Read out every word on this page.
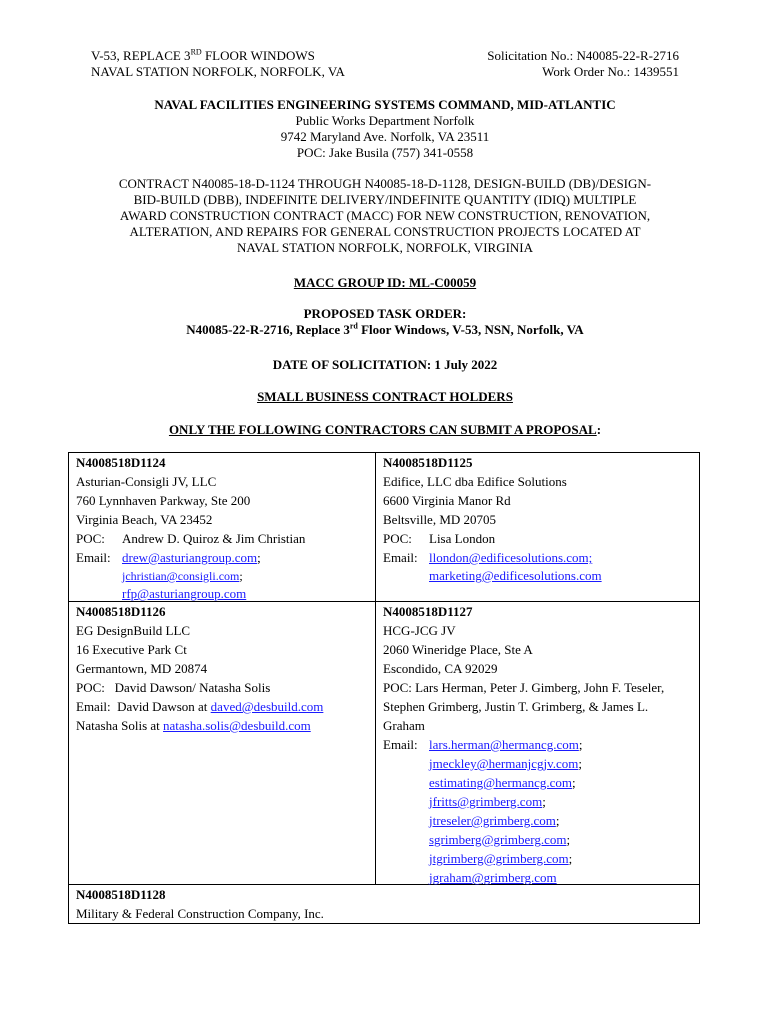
V-53, REPLACE 3RD FLOOR WINDOWS
NAVAL STATION NORFOLK, NORFOLK, VA
Solicitation No.: N40085-22-R-2716
Work Order No.: 1439551
NAVAL FACILITIES ENGINEERING SYSTEMS COMMAND, MID-ATLANTIC
Public Works Department Norfolk
9742 Maryland Ave. Norfolk, VA 23511
POC: Jake Busila (757) 341-0558
CONTRACT N40085-18-D-1124 THROUGH N40085-18-D-1128, DESIGN-BUILD (DB)/DESIGN-
BID-BUILD (DBB), INDEFINITE DELIVERY/INDEFINITE QUANTITY (IDIQ) MULTIPLE
AWARD CONSTRUCTION CONTRACT (MACC) FOR NEW CONSTRUCTION, RENOVATION,
ALTERATION, AND REPAIRS FOR GENERAL CONSTRUCTION PROJECTS LOCATED AT
NAVAL STATION NORFOLK, NORFOLK, VIRGINIA
MACC GROUP ID: ML-C00059
PROPOSED TASK ORDER:
N40085-22-R-2716, Replace 3rd Floor Windows, V-53, NSN, Norfolk, VA
DATE OF SOLICITATION: 1 July 2022
SMALL BUSINESS CONTRACT HOLDERS
ONLY THE FOLLOWING CONTRACTORS CAN SUBMIT A PROPOSAL:
N4008518D1124
Asturian-Consigli JV, LLC
760 Lynnhaven Parkway, Ste 200
Virginia Beach, VA 23452
POC: Andrew D. Quiroz & Jim Christian
Email: drew@asturiangroup.com;
jchristian@consigli.com;
rfp@asturiangroup.com
N4008518D1125
Edifice, LLC dba Edifice Solutions
6600 Virginia Manor Rd
Beltsville, MD 20705
POC: Lisa London
Email: llondon@edificesolutions.com;
marketing@edificesolutions.com
N4008518D1126
EG DesignBuild LLC
16 Executive Park Ct
Germantown, MD 20874
POC:   David Dawson/ Natasha Solis
Email:  David Dawson at daved@desbuild.com
Natasha Solis at natasha.solis@desbuild.com
N4008518D1127
HCG-JCG JV
2060 Wineridge Place, Ste A
Escondido, CA 92029
POC: Lars Herman, Peter J. Gimberg, John F. Teseler,
Stephen Grimberg, Justin T. Grimberg, & James L.
Graham
Email: lars.herman@hermancg.com;
jmeckley@hermanjcgjv.com;
estimating@hermancg.com;
jfritts@grimberg.com;
jtreseler@grimberg.com;
sgrimberg@grimberg.com;
jtgrimberg@grimberg.com;
jgraham@grimberg.com
N4008518D1128
Military & Federal Construction Company, Inc.
